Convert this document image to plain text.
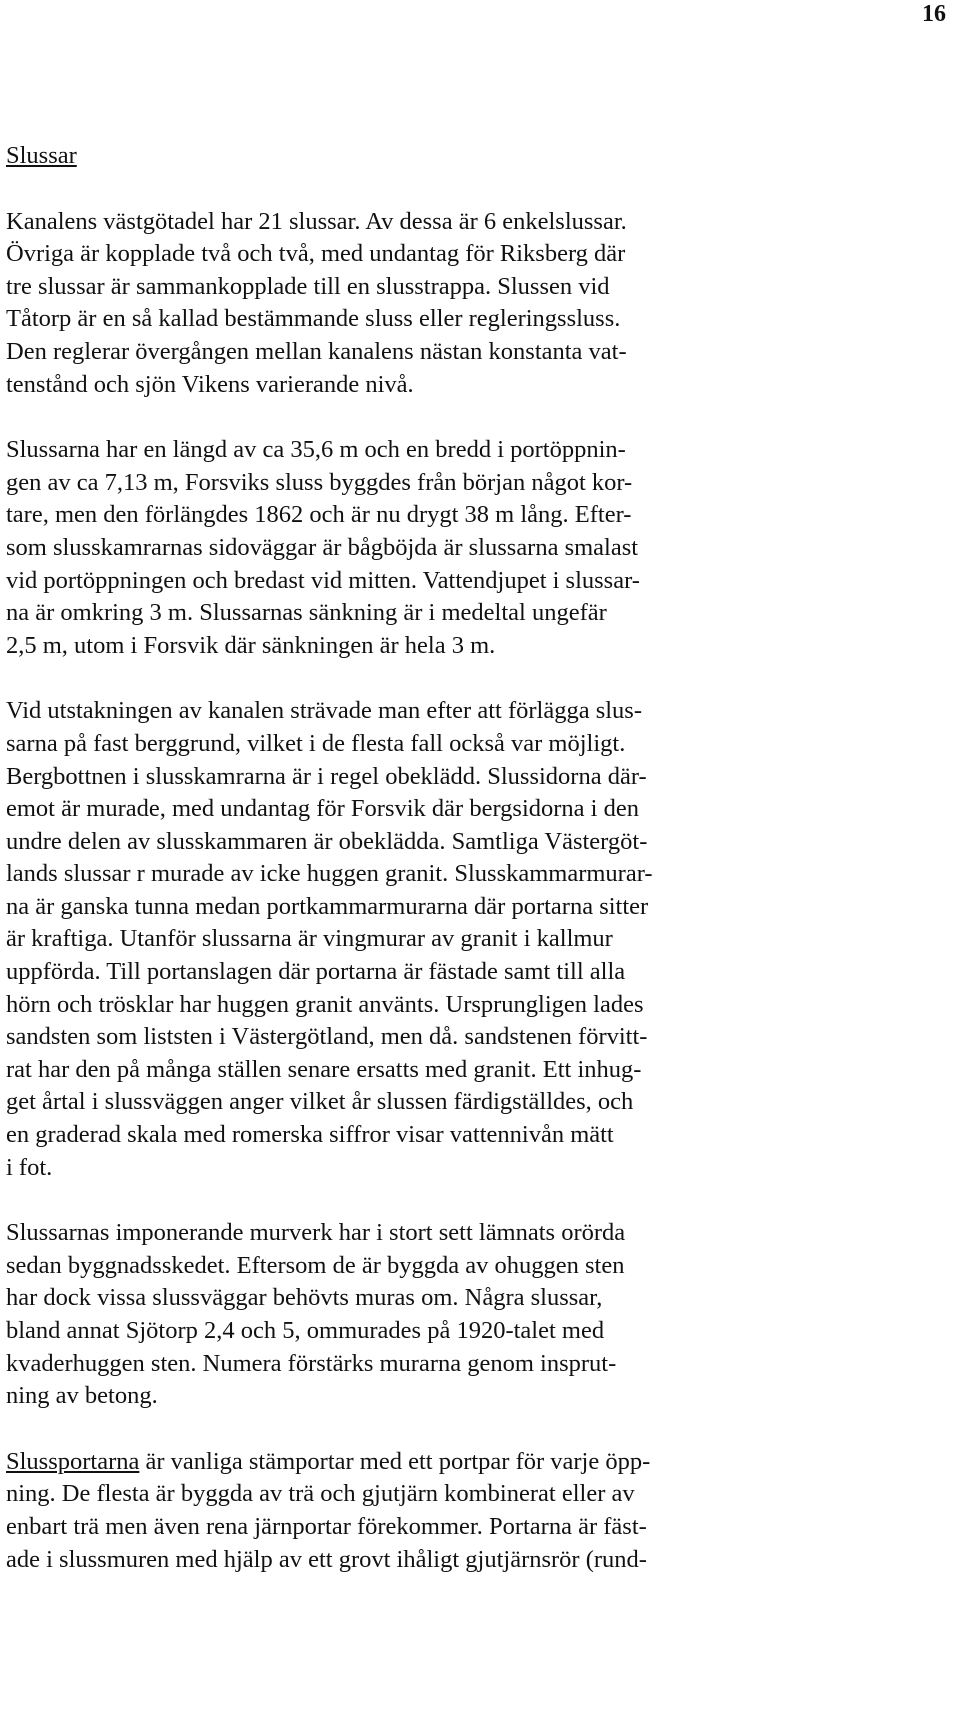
16

Slussar

Kanalens västgötadel har 21 slussar. Av dessa är 6 enkelslussar.
Övriga är kopplade två och två, med undantag för Riksberg där
tre slussar är sammankopplade till en slusstrappa. Slussen vid
Tåtorp är en så kallad bestämmande sluss eller regleringssluss.
Den reglerar övergången mellan kanalens nästan konstanta vat-
tenstånd och sjön Vikens varierande nivå.

Slussarna har en längd av ca 35,6 m och en bredd i portöppnin-
gen av ca 7,13 m, Forsviks sluss byggdes från början något kor-
tare, men den förlängdes 1862 och är nu drygt 38 m lång. Efter-
som slusskamrarnas sidoväggar är bågböjda är slussarna smalast
vid portöppningen och bredast vid mitten. Vattendjupet i slussar-
na är omkring 3 m. Slussarnas sänkning är i medeltal ungefär
2,5 m, utom i Forsvik där sänkningen är hela 3 m.

Vid utstakningen av kanalen strävade man efter att förlägga slus-
sarna på fast berggrund, vilket i de flesta fall också var möjligt.
Bergbottnen i slusskamrarna är i regel obeklädd. Slussidorna där-
emot är murade, med undantag för Forsvik där bergsidorna i den
undre delen av slusskammaren är obeklädda. Samtliga Västergöt-
lands slussar r murade av icke huggen granit. Slusskammarmurar-
na är ganska tunna medan portkammarmurarna där portarna sitter
är kraftiga. Utanför slussarna är vingmurar av granit i kallmur
uppförda. Till portanslagen där portarna är fästade samt till alla
hörn och trösklar har huggen granit använts. Ursprungligen lades
sandsten som liststen i Västergötland, men då. sandstenen förvitt-
rat har den på många ställen senare ersatts med granit. Ett inhug-
get årtal i slussväggen anger vilket år slussen färdigställdes, och
en graderad skala med romerska siffror visar vattennivån mätt
i fot.

Slussarnas imponerande murverk har i stort sett lämnats orörda
sedan byggnadsskedet. Eftersom de är byggda av ohuggen sten
har dock vissa slussväggar behövts muras om. Några slussar,
bland annat Sjötorp 2,4 och 5, ommurades på 1920-talet med
kvaderhuggen sten. Numera förstärks murarna genom insprut-
ning av betong.

Slussportarna är vanliga stämportar med ett portpar för varje öpp-
ning. De flesta är byggda av trä och gjutjärn kombinerat eller av
enbart trä men även rena järnportar förekommer. Portarna är fäst-
ade i slussmuren med hjälp av ett grovt ihåligt gjutjärnsrör (rund-
